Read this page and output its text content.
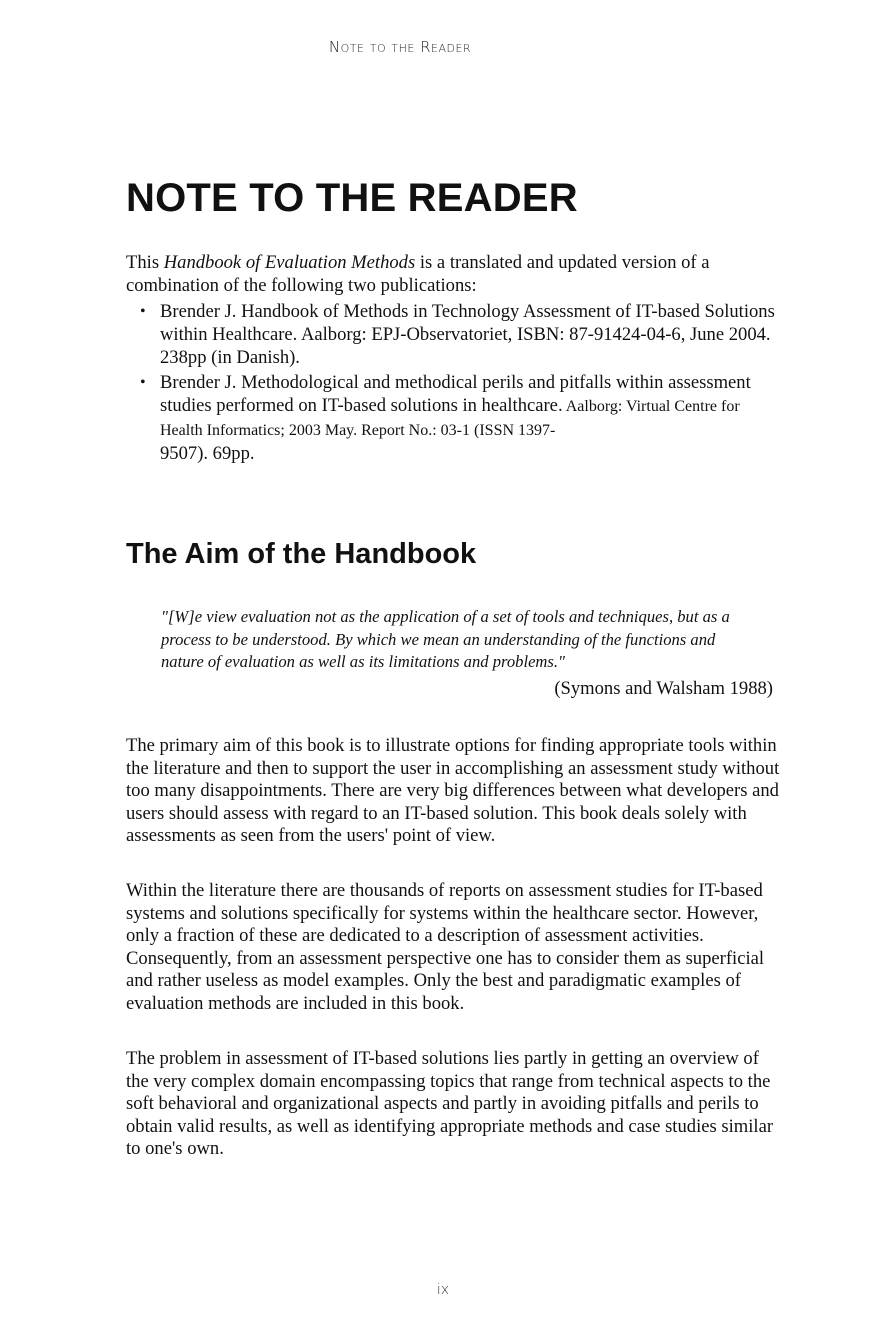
Note to the Reader
NOTE TO THE READER

This Handbook of Evaluation Methods is a translated and updated version of a combination of the following two publications:

• Brender J. Handbook of Methods in Technology Assessment of IT-based Solutions within Healthcare. Aalborg: EPJ-Observatoriet, ISBN: 87-91424-04-6, June 2004. 238pp (in Danish).
• Brender J. Methodological and methodical perils and pitfalls within assessment studies performed on IT-based solutions in healthcare. Aalborg: Virtual Centre for Health Informatics; 2003 May. Report No.: 03-1 (ISSN 1397-
9507). 69pp.
The Aim of the Handbook

"[W]e view evaluation not as the application of a set of tools and techniques, but as a process to be understood. By which we mean an understanding of the functions and nature of evaluation as well as its limitations and problems."

(Symons and Walsham 1988)

The primary aim of this book is to illustrate options for finding appropriate tools within the literature and then to support the user in accomplishing an assessment study without too many disappointments. There are very big differences between what developers and users should assess with regard to an IT-based solution. This book deals solely with assessments as seen from the users' point of view.

Within the literature there are thousands of reports on assessment studies for IT-based systems and solutions specifically for systems within the healthcare sector. However, only a fraction of these are dedicated to a description of assessment activities. Consequently, from an assessment perspective one has to consider them as superficial and rather useless as model examples. Only the best and paradigmatic examples of evaluation methods are included in this book.

The problem in assessment of IT-based solutions lies partly in getting an overview of the very complex domain encompassing topics that range from technical aspects to the soft behavioral and organizational aspects and partly in avoiding pitfalls and perils to obtain valid results, as well as identifying appropriate methods and case studies similar to one's own.

ix
